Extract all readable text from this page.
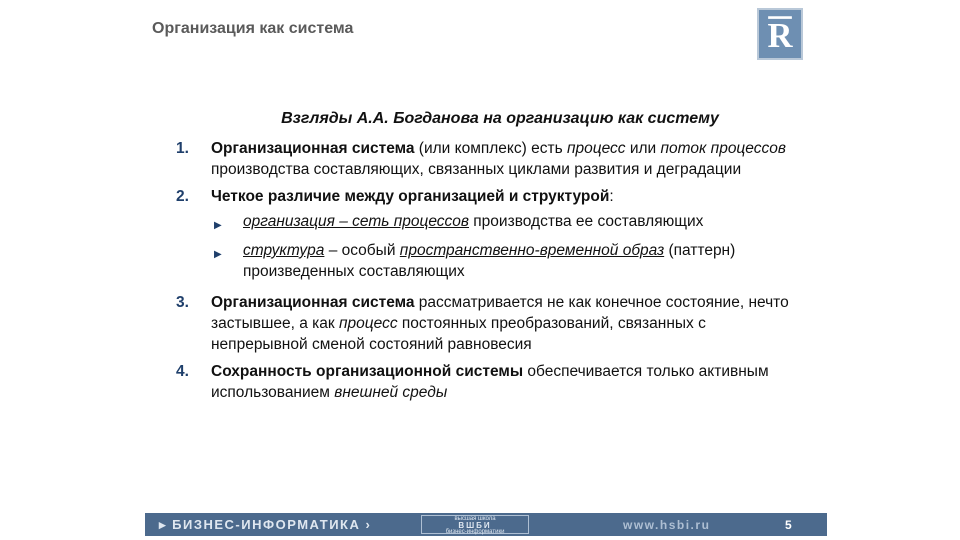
Организация как система	R
Взгляды А.А. Богданова на организацию как систему
1.	Организационная система (или комплекс) есть процесс или поток процессов производства составляющих, связанных циклами развития и деградации
2.	Четкое различие между организацией и структурой:
▶	организация – сеть процессов производства ее составляющих
▶	структура – особый пространственно-временной образ (паттерн) произведенных составляющих
3.	Организационная система рассматривается не как конечное состояние, нечто застывшее, а как процесс постоянных преобразований, связанных с непрерывной сменой состояний равновесия
4.	Сохранность организационной системы обеспечивается только активным использованием внешней среды
▸ БИЗНЕС-ИНФОРМАТИКА ›	высшая школа
ВШБИ
бизнес-информатики
www.hsbi.ru	5
